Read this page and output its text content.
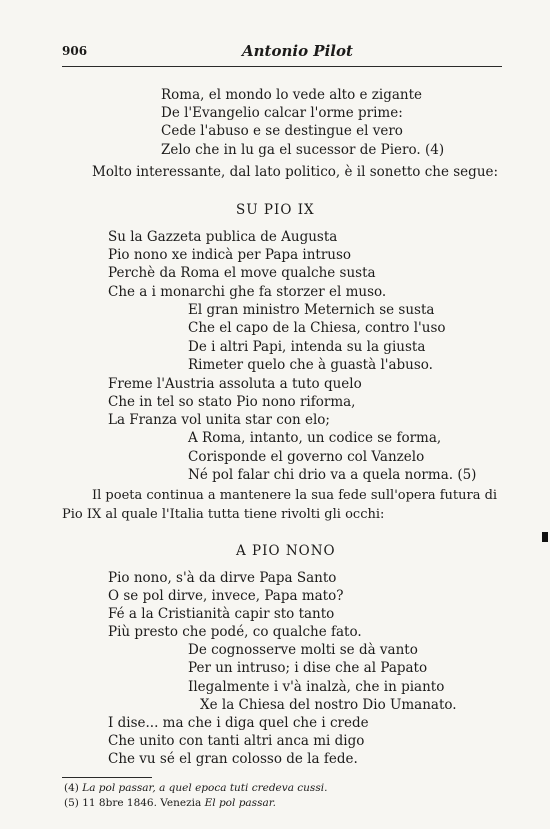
906	Antonio Pilot
Roma, el mondo lo vede alto e zigante
De l'Evangelio calcar l'orme prime:
Cede l'abuso e se destingue el vero
Zelo che in lu ga el sucessor de Piero. (4)
Molto interessante, dal lato politico, è il sonetto che segue:
SU PIO IX
Su la Gazzeta publica de Augusta
Pio nono xe indicà per Papa intruso
Perchè da Roma el move qualche susta
Che a i monarchi ghe fa storzer el muso.
El gran ministro Meternich se susta
Che el capo de la Chiesa, contro l'uso
De i altri Papi, intenda su la giusta
Rimeter quelo che à guastà l'abuso.
Freme l'Austria assoluta a tuto quelo
Che in tel so stato Pio nono riforma,
La Franza vol unita star con elo;
A Roma, intanto, un codice se forma,
Corisponde el governo col Vanzelo
Né pol falar chi drio va a quela norma. (5)
Il poeta continua a mantenere la sua fede sull'opera futura di
Pio IX al quale l'Italia tutta tiene rivolti gli occhi:
A PIO NONO
Pio nono, s'à da dirve Papa Santo
O se pol dirve, invece, Papa mato?
Fé a la Cristianità capir sto tanto
Più presto che podé, co qualche fato.
De cognosserve molti se dà vanto
Per un intruso; i dise che al Papato
Ilegalmente i v'à inalzà, che in pianto
Xe la Chiesa del nostro Dio Umanato.
I dise... ma che i diga quel che i crede
Che unito con tanti altri anca mi digo
Che vu sé el gran colosso de la fede.
(4) La pol passar, a quel epoca tuti credeva cussi.
(5) 11 8bre 1846. Venezia El pol passar.
